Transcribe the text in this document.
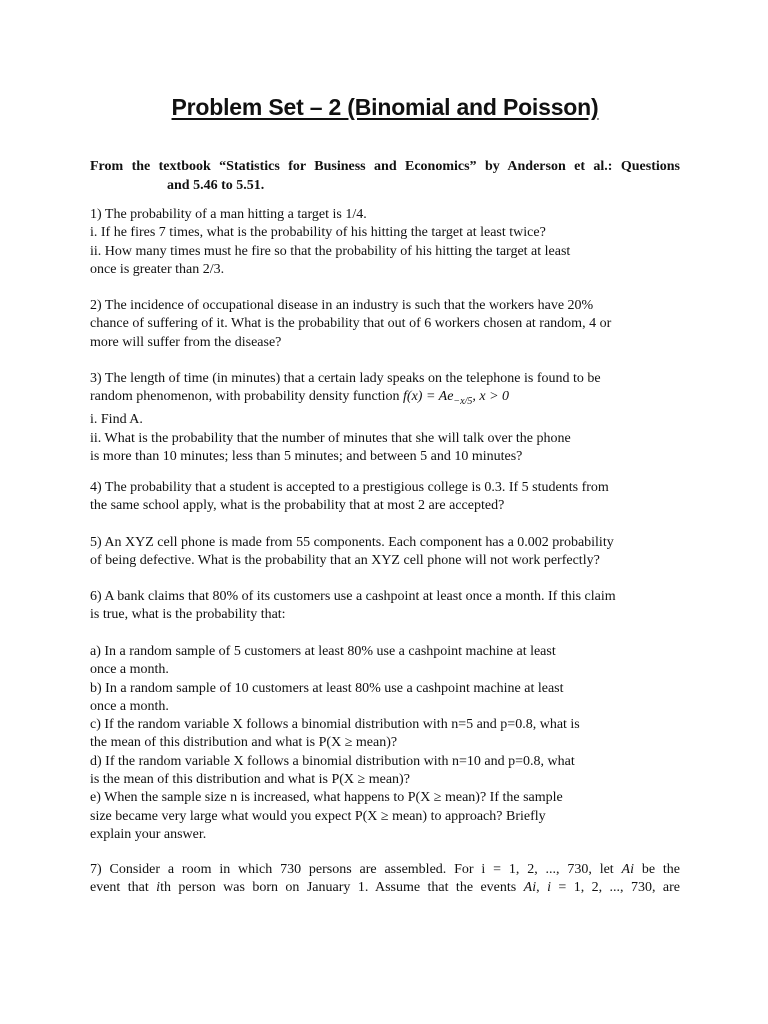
Problem Set – 2 (Binomial and Poisson)
From the textbook “Statistics for Business and Economics” by Anderson et al.: Questions
and 5.46 to 5.51.
1) The probability of a man hitting a target is 1/4.
i. If he fires 7 times, what is the probability of his hitting the target at least twice?
ii. How many times must he fire so that the probability of his hitting the target at least
once is greater than 2/3.
2) The incidence of occupational disease in an industry is such that the workers have 20%
chance of suffering of it. What is the probability that out of 6 workers chosen at random, 4 or
more will suffer from the disease?
3) The length of time (in minutes) that a certain lady speaks on the telephone is found to be
random phenomenon, with probability density function $f(x) = Ae_{-x/5}$, x > 0
i. Find A.
ii. What is the probability that the number of minutes that she will talk over the phone
is more than 10 minutes; less than 5 minutes; and between 5 and 10 minutes?
4) The probability that a student is accepted to a prestigious college is 0.3. If 5 students from
the same school apply, what is the probability that at most 2 are accepted?
5) An XYZ cell phone is made from 55 components. Each component has a 0.002 probability
of being defective. What is the probability that an XYZ cell phone will not work perfectly?
6) A bank claims that 80% of its customers use a cashpoint at least once a month. If this claim
is true, what is the probability that:
a) In a random sample of 5 customers at least 80% use a cashpoint machine at least
once a month.
b) In a random sample of 10 customers at least 80% use a cashpoint machine at least
once a month.
c) If the random variable X follows a binomial distribution with n=5 and p=0.8, what is
the mean of this distribution and what is P(X ≥ mean)?
d) If the random variable X follows a binomial distribution with n=10 and p=0.8, what
is the mean of this distribution and what is P(X ≥ mean)?
e) When the sample size n is increased, what happens to P(X ≥ mean)? If the sample
size became very large what would you expect P(X ≥ mean) to approach? Briefly
explain your answer.
7) Consider a room in which 730 persons are assembled. For i = 1, 2, ..., 730, let Ai be the
event that ith person was born on January 1. Assume that the events Ai, i = 1, 2, ..., 730, are
